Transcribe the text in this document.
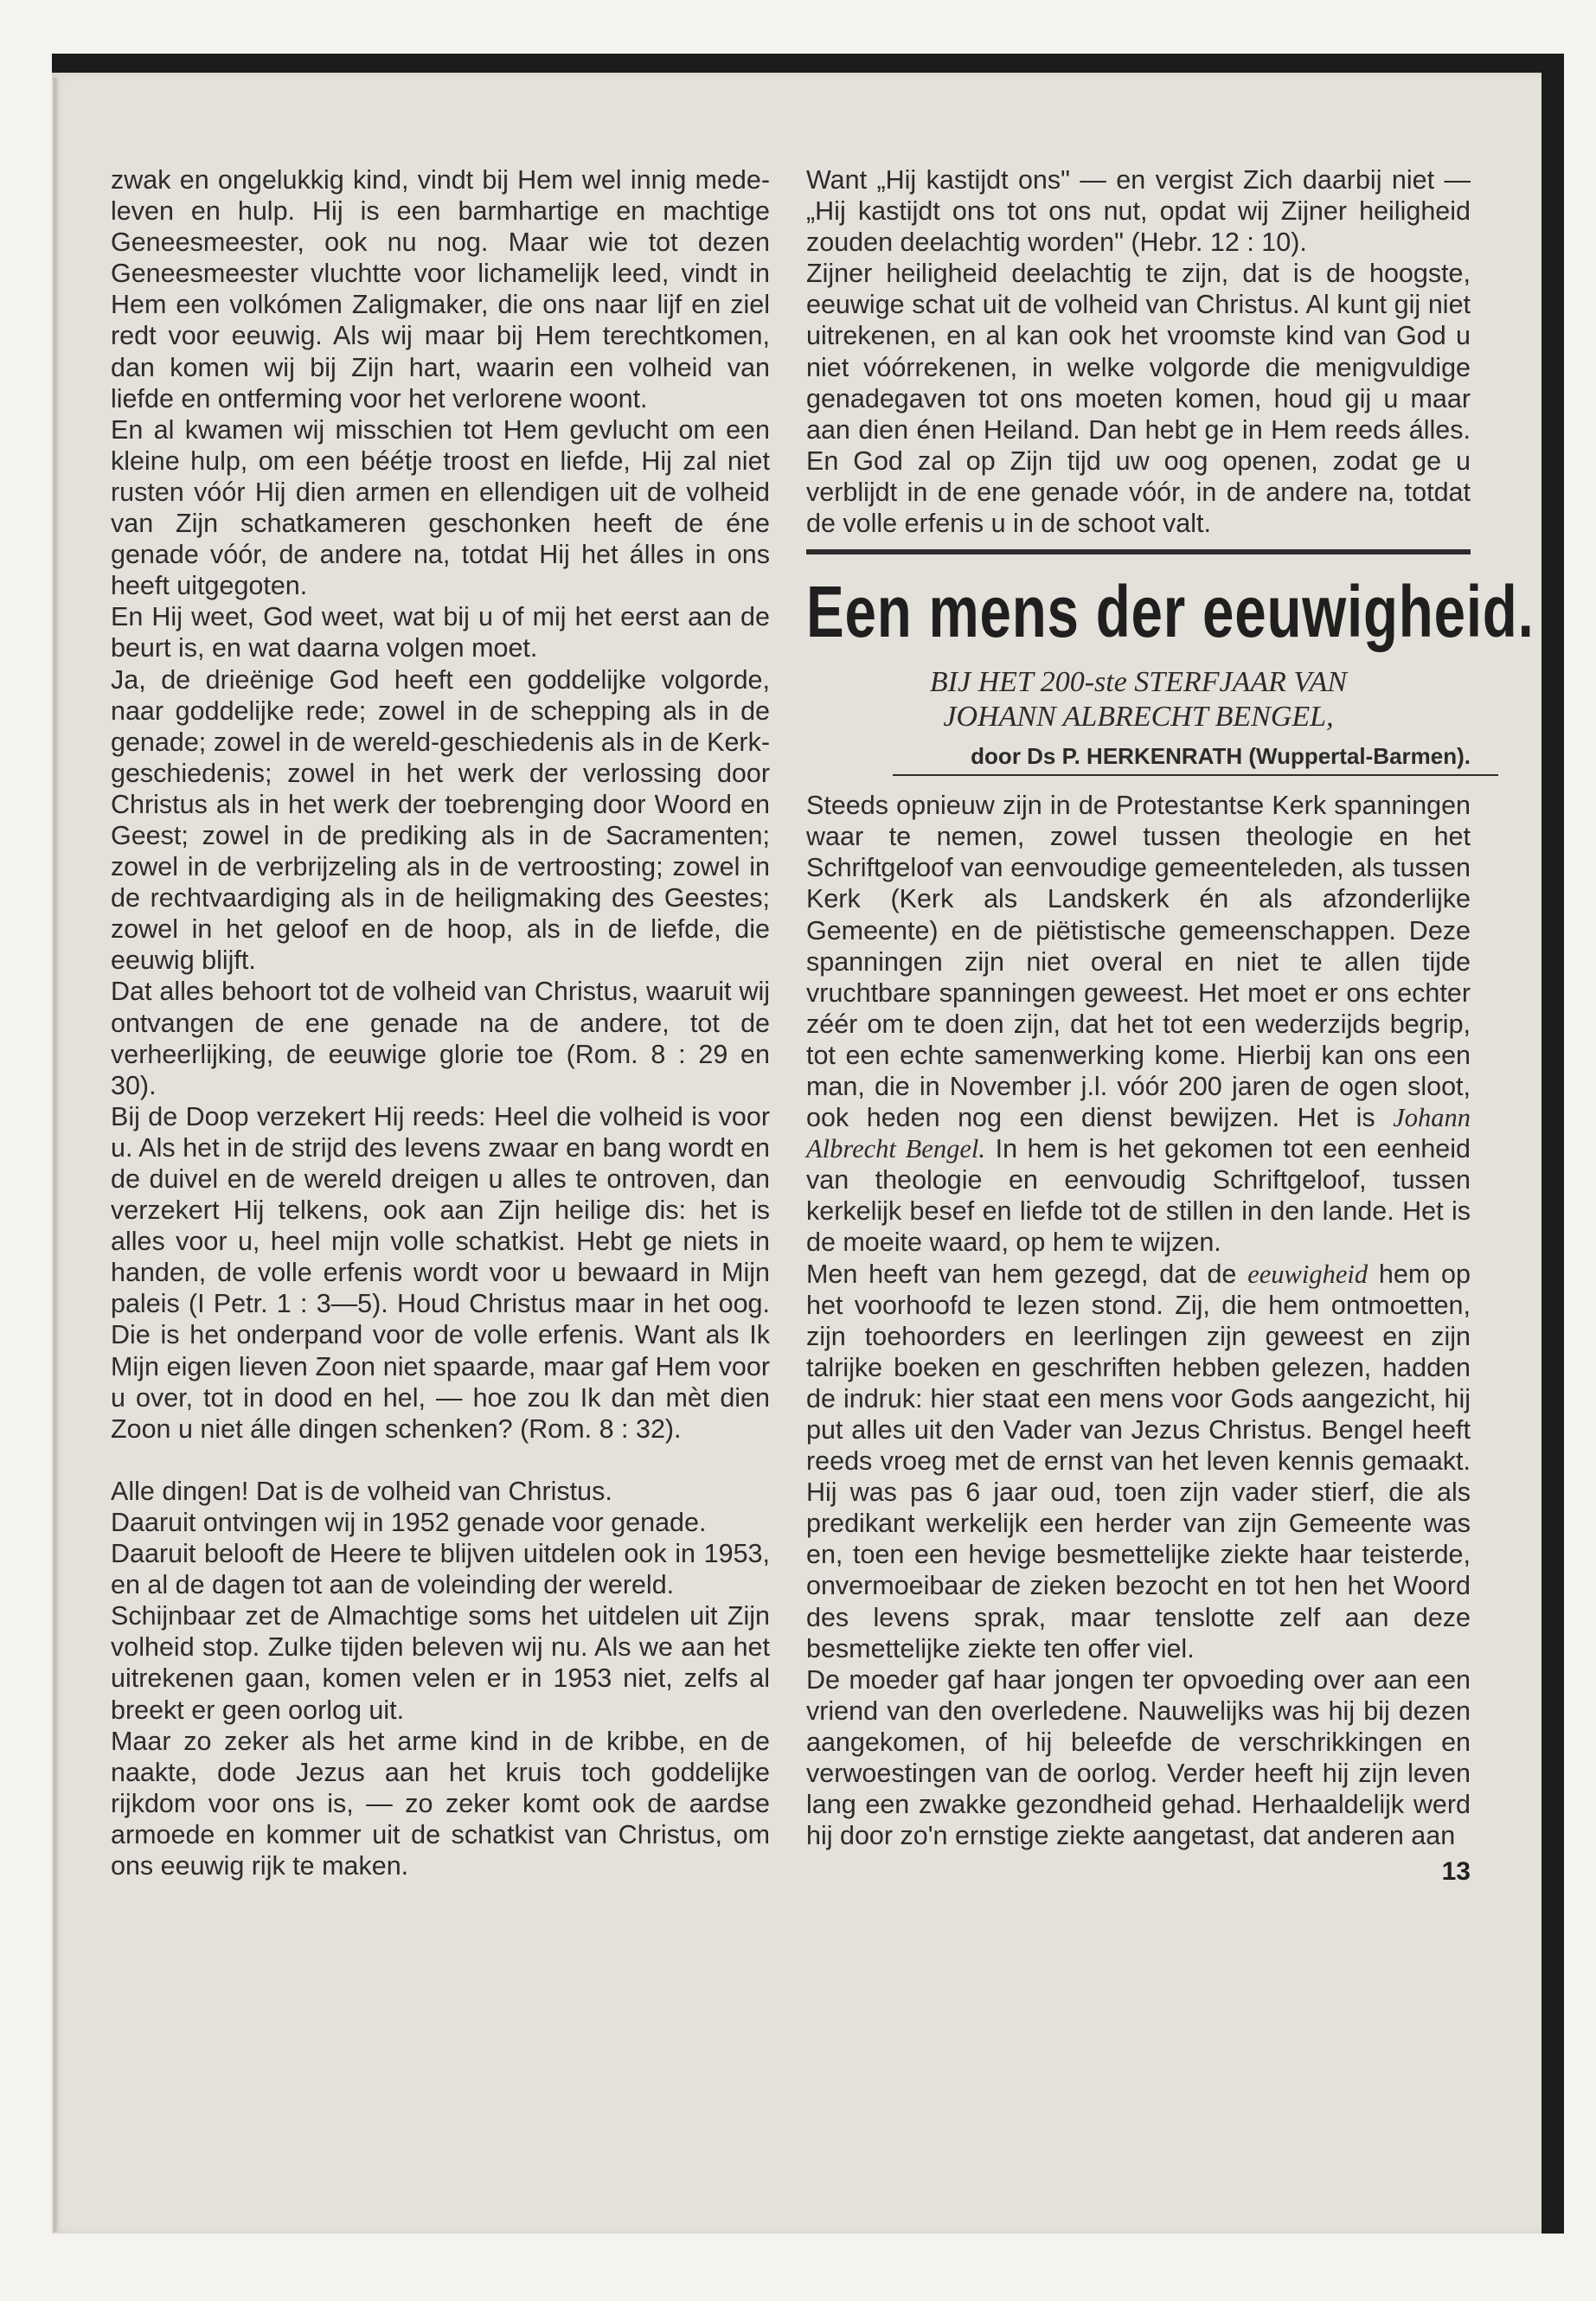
zwak en ongelukkig kind, vindt bij Hem wel innig mede-leven en hulp. Hij is een barmhartige en machtige Geneesmeester, ook nu nog. Maar wie tot dezen Geneesmeester vluchtte voor lichamelijk leed, vindt in Hem een volkómen Zaligmaker, die ons naar lijf en ziel redt voor eeuwig. Als wij maar bij Hem terechtkomen, dan komen wij bij Zijn hart, waarin een volheid van liefde en ontferming voor het verlorene woont.

En al kwamen wij misschien tot Hem gevlucht om een kleine hulp, om een béétje troost en liefde, Hij zal niet rusten vóór Hij dien armen en ellendigen uit de volheid van Zijn schatkameren geschonken heeft de éne genade vóór, de andere na, totdat Hij het álles in ons heeft uitgegoten.

En Hij weet, God weet, wat bij u of mij het eerst aan de beurt is, en wat daarna volgen moet.

Ja, de drieënige God heeft een goddelijke volgorde, naar goddelijke rede; zowel in de schepping als in de genade; zowel in de wereld-geschiedenis als in de Kerk-geschiedenis; zowel in het werk der verlossing door Christus als in het werk der toebrenging door Woord en Geest; zowel in de prediking als in de Sacramenten; zowel in de verbrijzeling als in de vertroosting; zowel in de rechtvaardiging als in de heiligmaking des Geestes; zowel in het geloof en de hoop, als in de liefde, die eeuwig blijft.

Dat alles behoort tot de volheid van Christus, waaruit wij ontvangen de ene genade na de andere, tot de verheerlijking, de eeuwige glorie toe (Rom. 8 : 29 en 30).

Bij de Doop verzekert Hij reeds: Heel die volheid is voor u. Als het in de strijd des levens zwaar en bang wordt en de duivel en de wereld dreigen u alles te ontroven, dan verzekert Hij telkens, ook aan Zijn heilige dis: het is alles voor u, heel mijn volle schatkist. Hebt ge niets in handen, de volle erfenis wordt voor u bewaard in Mijn paleis (I Petr. 1 : 3—5). Houd Christus maar in het oog. Die is het onderpand voor de volle erfenis. Want als Ik Mijn eigen lieven Zoon niet spaarde, maar gaf Hem voor u over, tot in dood en hel, — hoe zou Ik dan mèt dien Zoon u niet álle dingen schenken? (Rom. 8 : 32).

Alle dingen! Dat is de volheid van Christus.

Daaruit ontvingen wij in 1952 genade voor genade.

Daaruit belooft de Heere te blijven uitdelen ook in 1953, en al de dagen tot aan de voleinding der wereld.

Schijnbaar zet de Almachtige soms het uitdelen uit Zijn volheid stop. Zulke tijden beleven wij nu. Als we aan het uitrekenen gaan, komen velen er in 1953 niet, zelfs al breekt er geen oorlog uit.

Maar zo zeker als het arme kind in de kribbe, en de naakte, dode Jezus aan het kruis toch goddelijke rijkdom voor ons is, — zo zeker komt ook de aardse armoede en kommer uit de schatkist van Christus, om ons eeuwig rijk te maken.

Want „Hij kastijdt ons" — en vergist Zich daarbij niet — „Hij kastijdt ons tot ons nut, opdat wij Zijner heiligheid zouden deelachtig worden" (Hebr. 12 : 10).

Zijner heiligheid deelachtig te zijn, dat is de hoogste, eeuwige schat uit de volheid van Christus. Al kunt gij niet uitrekenen, en al kan ook het vroomste kind van God u niet vóórrekenen, in welke volgorde die menigvuldige genadegaven tot ons moeten komen, houd gij u maar aan dien énen Heiland. Dan hebt ge in Hem reeds álles. En God zal op Zijn tijd uw oog openen, zodat ge u verblijdt in de ene genade vóór, in de andere na, totdat de volle erfenis u in de schoot valt.

Een mens der eeuwigheid.
BIJ HET 200-ste STERFJAAR VAN
JOHANN ALBRECHT BENGEL,
door Ds P. HERKENRATH (Wuppertal-Barmen).

Steeds opnieuw zijn in de Protestantse Kerk spanningen waar te nemen, zowel tussen theologie en het Schriftgeloof van eenvoudige gemeenteleden, als tussen Kerk (Kerk als Landskerk én als afzonderlijke Gemeente) en de piëtistische gemeenschappen. Deze spanningen zijn niet overal en niet te allen tijde vruchtbare spanningen geweest. Het moet er ons echter zéér om te doen zijn, dat het tot een wederzijds begrip, tot een echte samenwerking kome. Hierbij kan ons een man, die in November j.l. vóór 200 jaren de ogen sloot, ook heden nog een dienst bewijzen. Het is Johann Albrecht Bengel. In hem is het gekomen tot een eenheid van theologie en eenvoudig Schriftgeloof, tussen kerkelijk besef en liefde tot de stillen in den lande. Het is de moeite waard, op hem te wijzen.

Men heeft van hem gezegd, dat de eeuwigheid hem op het voorhoofd te lezen stond. Zij, die hem ontmoetten, zijn toehoorders en leerlingen zijn geweest en zijn talrijke boeken en geschriften hebben gelezen, hadden de indruk: hier staat een mens voor Gods aangezicht, hij put alles uit den Vader van Jezus Christus. Bengel heeft reeds vroeg met de ernst van het leven kennis gemaakt. Hij was pas 6 jaar oud, toen zijn vader stierf, die als predikant werkelijk een herder van zijn Gemeente was en, toen een hevige besmettelijke ziekte haar teisterde, onvermoeibaar de zieken bezocht en tot hen het Woord des levens sprak, maar tenslotte zelf aan deze besmettelijke ziekte ten offer viel.

De moeder gaf haar jongen ter opvoeding over aan een vriend van den overledene. Nauwelijks was hij bij dezen aangekomen, of hij beleefde de verschrikkingen en verwoestingen van de oorlog. Verder heeft hij zijn leven lang een zwakke gezondheid gehad. Herhaaldelijk werd hij door zo'n ernstige ziekte aangetast, dat anderen aan

13
